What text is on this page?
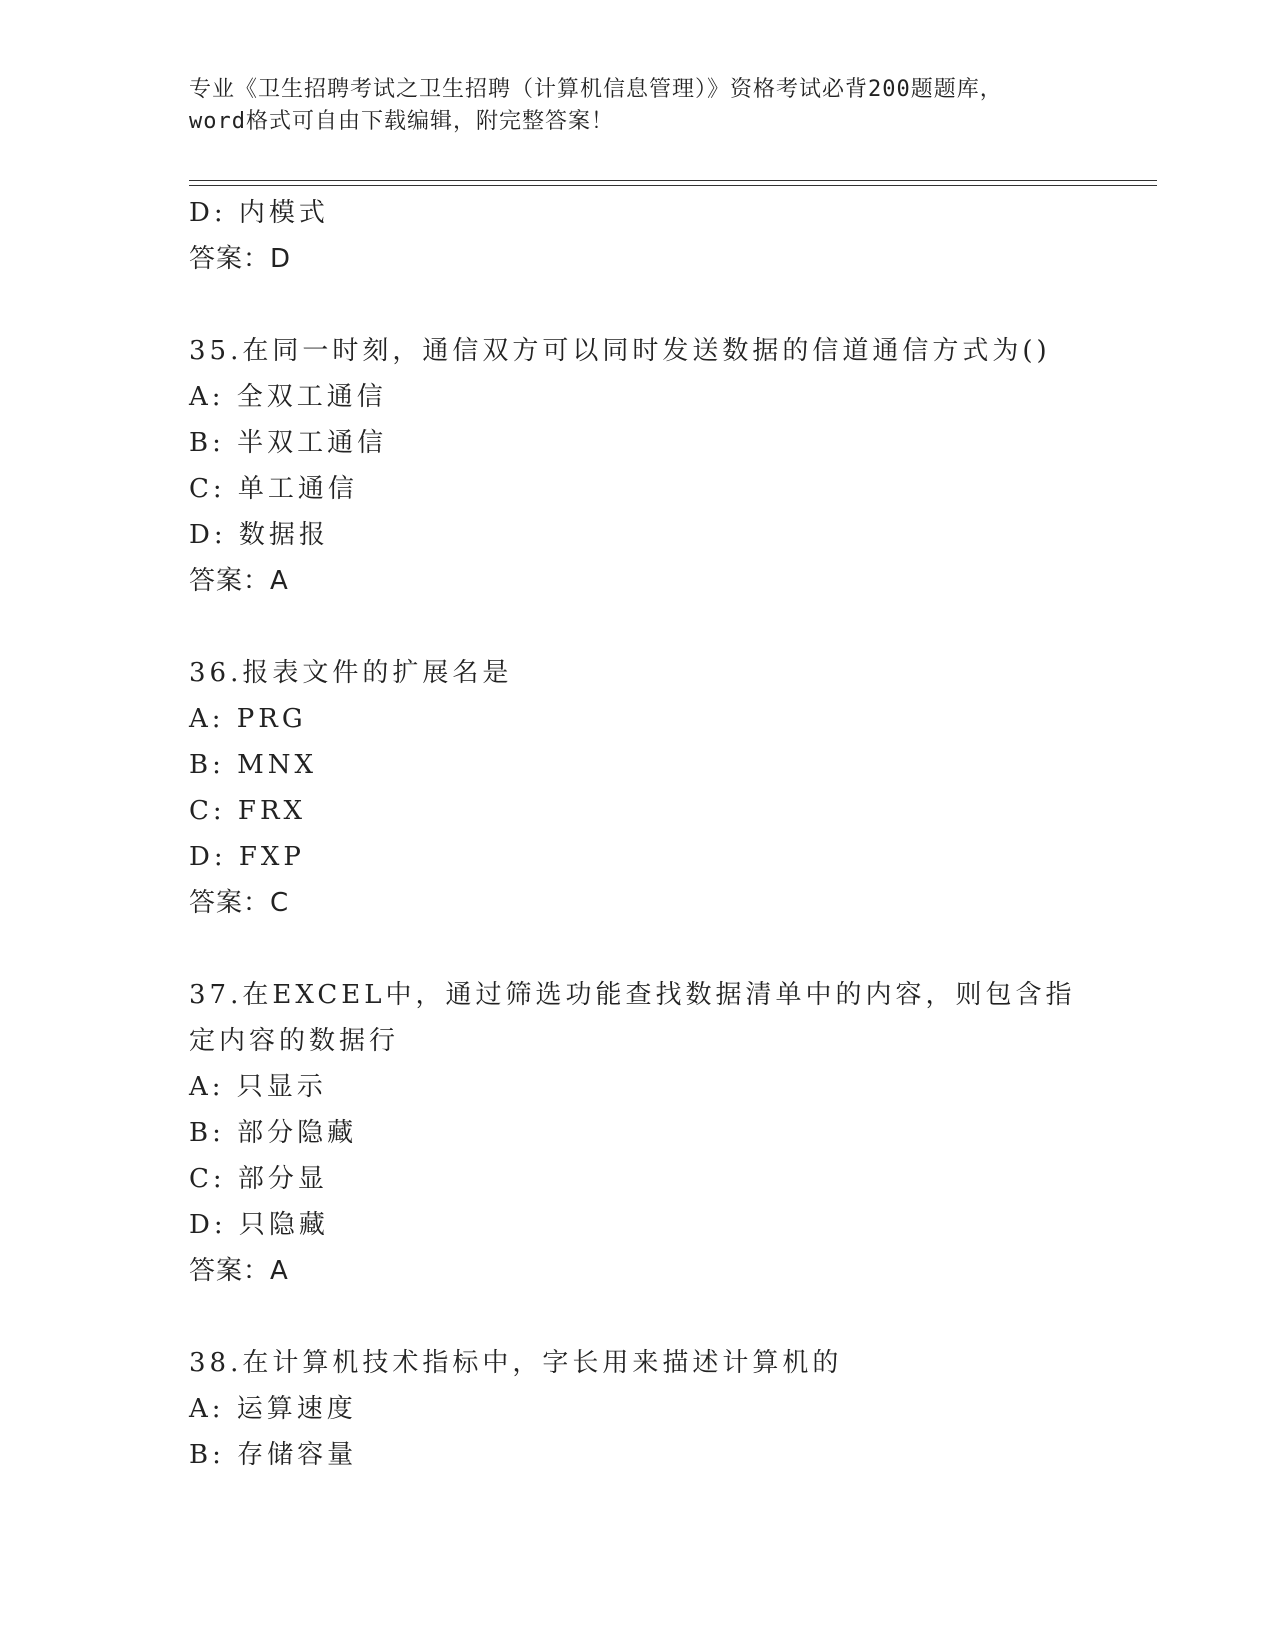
专业《卫生招聘考试之卫生招聘（计算机信息管理）》资格考试必背200题题库，
word格式可自由下载编辑，附完整答案！
D: 内模式
答案：D
35.在同一时刻，通信双方可以同时发送数据的信道通信方式为()
A: 全双工通信
B: 半双工通信
C: 单工通信
D: 数据报
答案：A
36.报表文件的扩展名是
A: PRG
B: MNX
C: FRX
D: FXP
答案：C
37.在EXCEL中，通过筛选功能查找数据清单中的内容，则包含指定内容的数据行
A: 只显示
B: 部分隐藏
C: 部分显
D: 只隐藏
答案：A
38.在计算机技术指标中，字长用来描述计算机的
A: 运算速度
B: 存储容量
